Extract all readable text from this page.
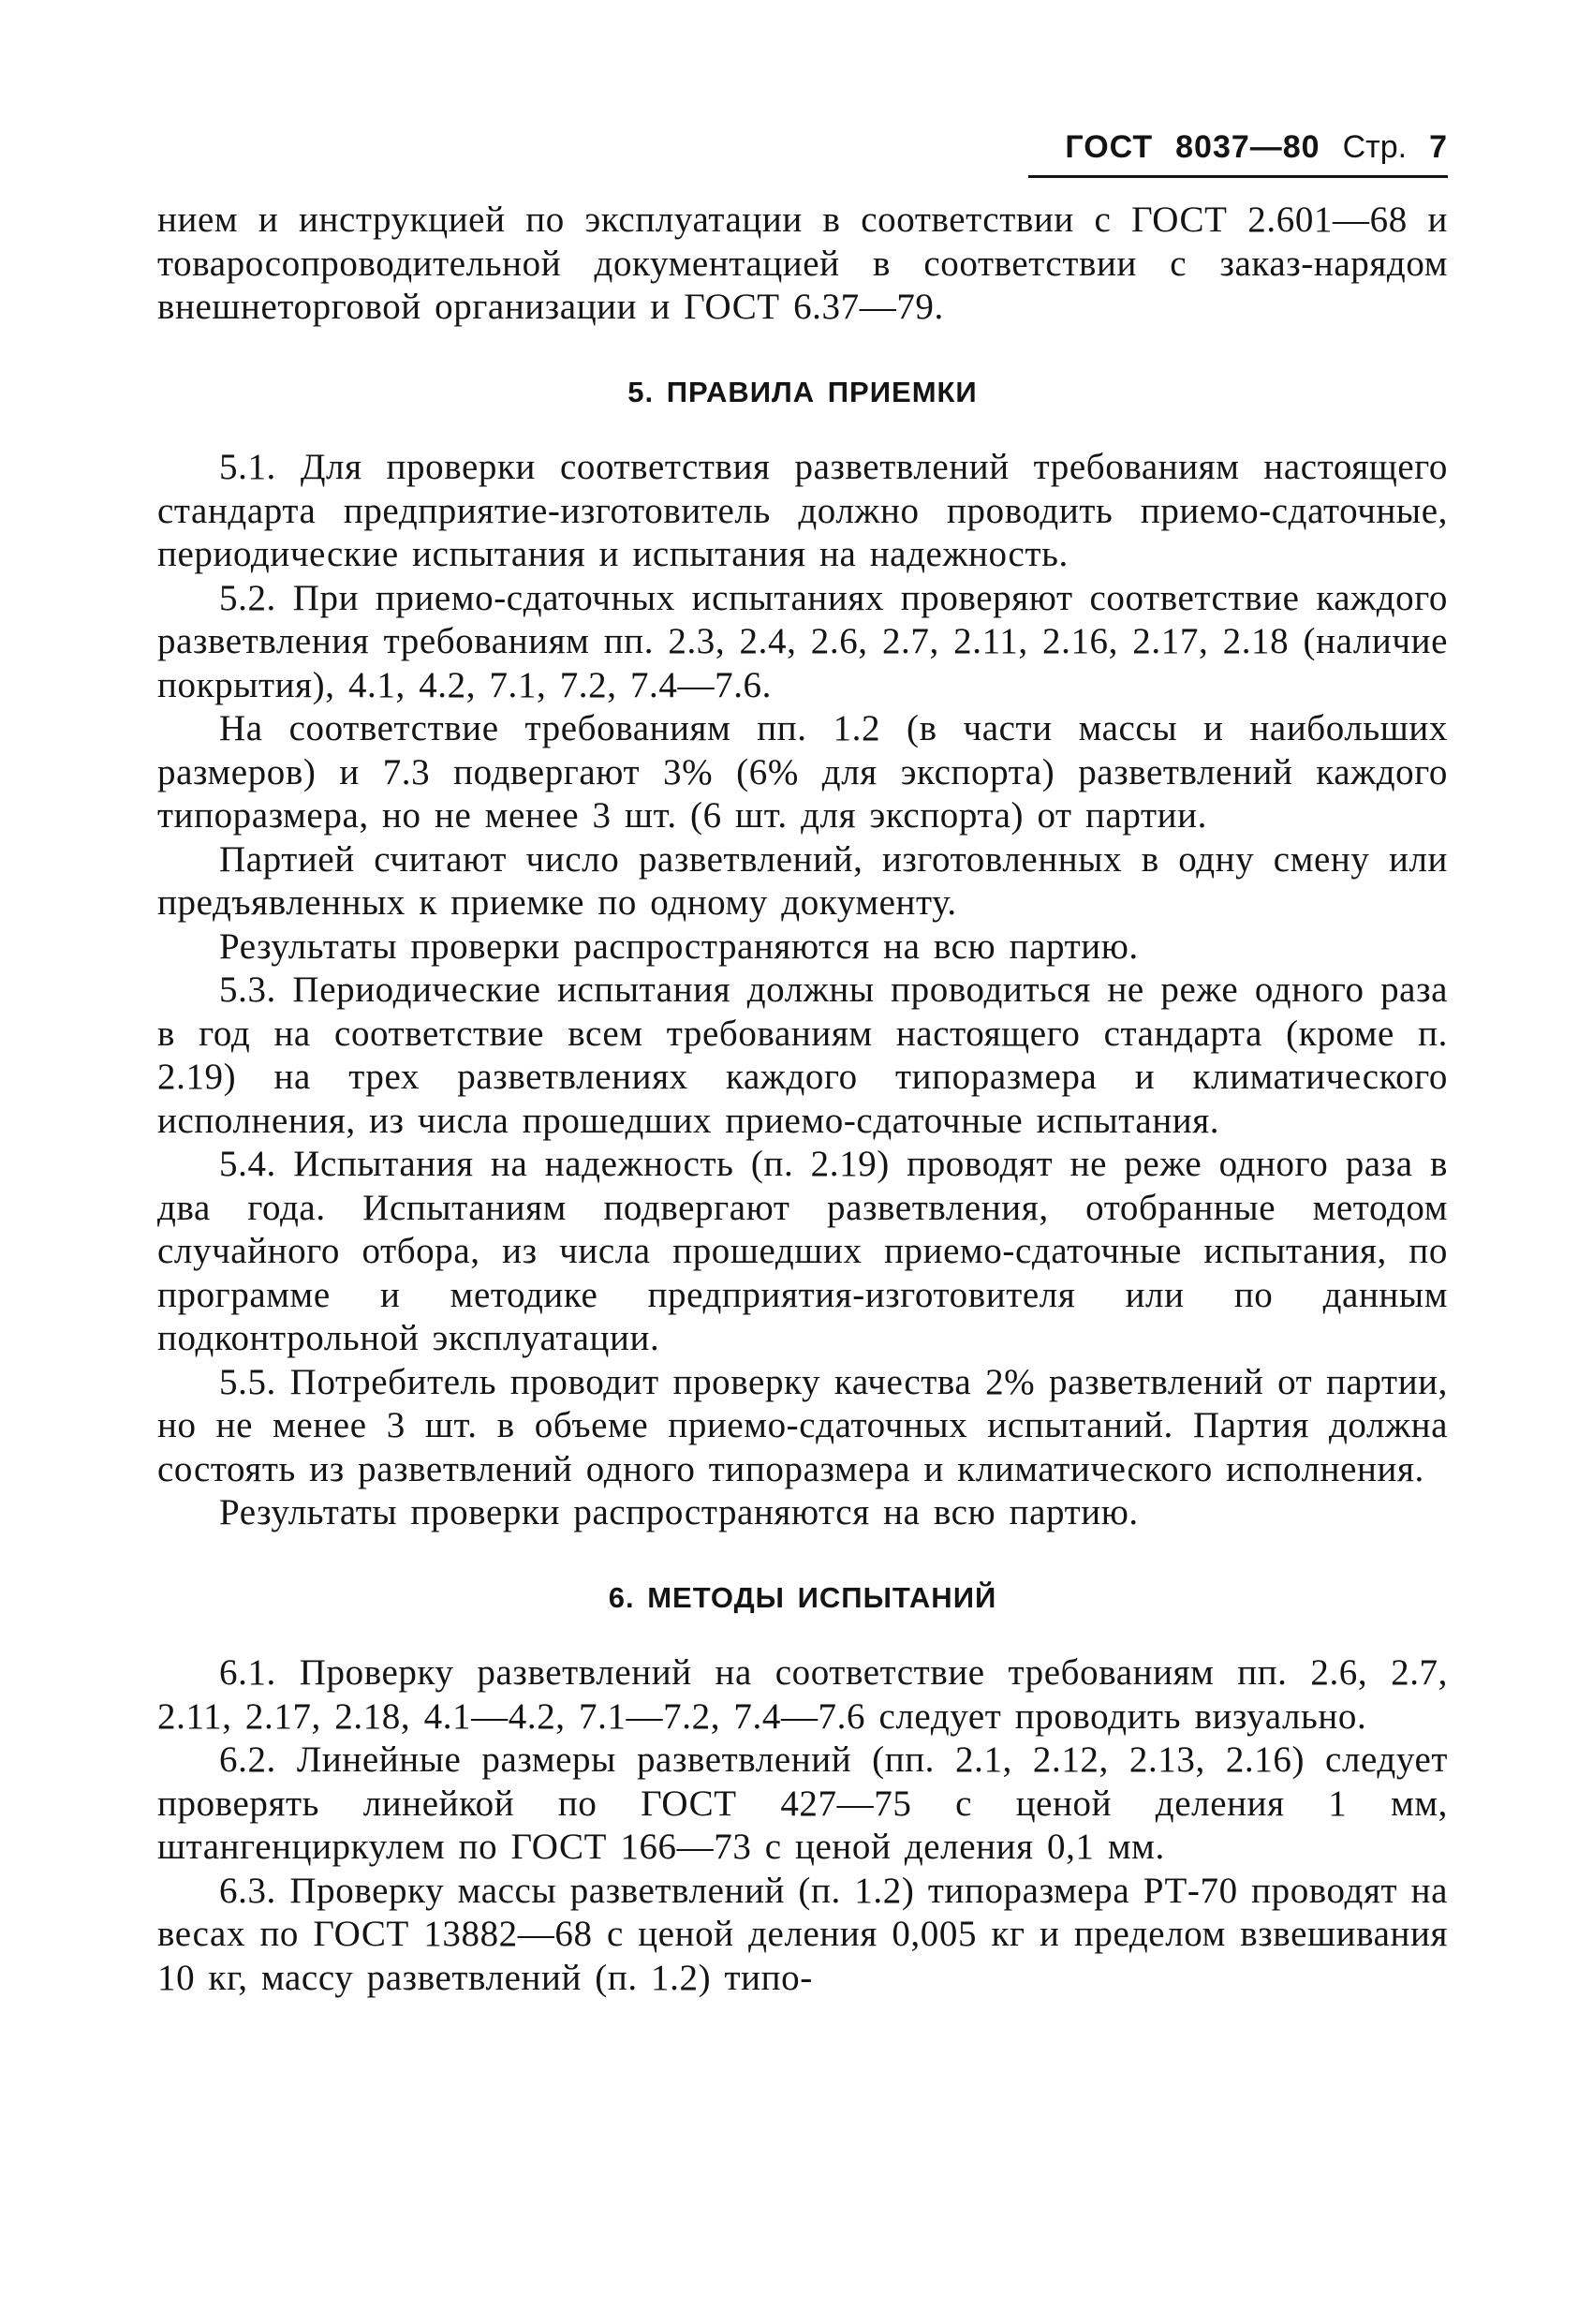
ГОСТ 8037—80 Стр. 7

нием и инструкцией по эксплуатации в соответствии с ГОСТ 2.601—68 и товаросопроводительной документацией в соответствии с заказ-нарядом внешнеторговой организации и ГОСТ 6.37—79.

5. ПРАВИЛА ПРИЕМКИ

5.1. Для проверки соответствия разветвлений требованиям настоящего стандарта предприятие-изготовитель должно проводить приемо-сдаточные, периодические испытания и испытания на надежность.

5.2. При приемо-сдаточных испытаниях проверяют соответствие каждого разветвления требованиям пп. 2.3, 2.4, 2.6, 2.7, 2.11, 2.16, 2.17, 2.18 (наличие покрытия), 4.1, 4.2, 7.1, 7.2, 7.4—7.6.

На соответствие требованиям пп. 1.2 (в части массы и наибольших размеров) и 7.3 подвергают 3% (6% для экспорта) разветвлений каждого типоразмера, но не менее 3 шт. (6 шт. для экспорта) от партии.

Партией считают число разветвлений, изготовленных в одну смену или предъявленных к приемке по одному документу.

Результаты проверки распространяются на всю партию.

5.3. Периодические испытания должны проводиться не реже одного раза в год на соответствие всем требованиям настоящего стандарта (кроме п. 2.19) на трех разветвлениях каждого типоразмера и климатического исполнения, из числа прошедших приемо-сдаточные испытания.

5.4. Испытания на надежность (п. 2.19) проводят не реже одного раза в два года. Испытаниям подвергают разветвления, отобранные методом случайного отбора, из числа прошедших приемо-сдаточные испытания, по программе и методике предприятия-изготовителя или по данным подконтрольной эксплуатации.

5.5. Потребитель проводит проверку качества 2% разветвлений от партии, но не менее 3 шт. в объеме приемо-сдаточных испытаний. Партия должна состоять из разветвлений одного типоразмера и климатического исполнения.

Результаты проверки распространяются на всю партию.

6. МЕТОДЫ ИСПЫТАНИЙ

6.1. Проверку разветвлений на соответствие требованиям пп. 2.6, 2.7, 2.11, 2.17, 2.18, 4.1—4.2, 7.1—7.2, 7.4—7.6 следует проводить визуально.

6.2. Линейные размеры разветвлений (пп. 2.1, 2.12, 2.13, 2.16) следует проверять линейкой по ГОСТ 427—75 с ценой деления 1 мм, штангенциркулем по ГОСТ 166—73 с ценой деления 0,1 мм.

6.3. Проверку массы разветвлений (п. 1.2) типоразмера РТ-70 проводят на весах по ГОСТ 13882—68 с ценой деления 0,005 кг и пределом взвешивания 10 кг, массу разветвлений (п. 1.2) типо-
